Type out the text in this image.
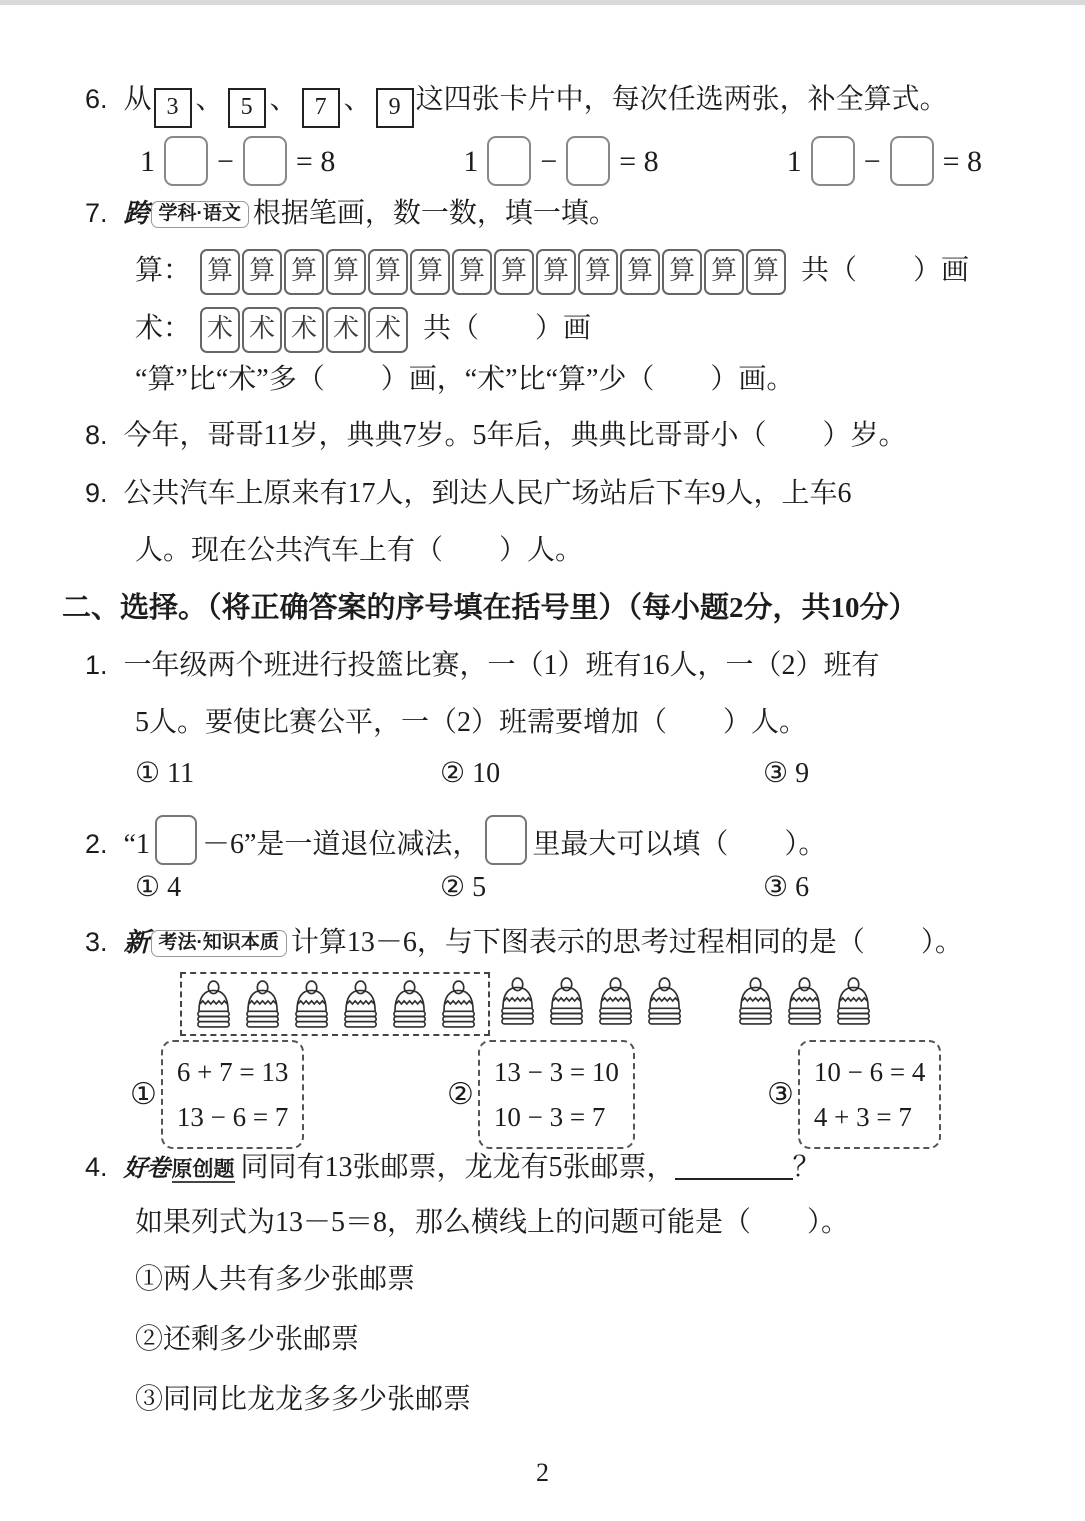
6. 从 3 、 5 、 7 、 9 这四张卡片中，每次任选两张，补全算式。
1 − = 8	1 − = 8	1 − = 8
7. 跨 学科·语文 根据笔画，数一数，填一填。
算： 算 算 算 算 算 算 算 算 算 算 算 算 算 算 共（　　）画
术： 术 术 术 术 术 共（　　）画
“算”比“术”多（　　）画，“术”比“算”少（　　）画。
8. 今年，哥哥11岁，典典7岁。5年后，典典比哥哥小（　　）岁。
9. 公共汽车上原来有17人，到达人民广场站后下车9人，上车6
人。现在公共汽车上有（　　）人。
二、选择。（将正确答案的序号填在括号里）（每小题2分，共10分）
1. 一年级两个班进行投篮比赛，一（1）班有16人，一（2）班有
5人。要使比赛公平，一（2）班需要增加（　　）人。
① 11	② 10	③ 9
2. “1 －6”是一道退位减法， 里最大可以填（　　）。
① 4	② 5	③ 6
3. 新 考法·知识本质 计算13－6，与下图表示的思考过程相同的是（　　）。
①
6 + 7 = 13
13 − 6 = 7
②
13 − 3 = 10
10 − 3 = 7
③
10 − 6 = 4
4 + 3 = 7
4. 好卷原创题 同同有13张邮票，龙龙有5张邮票，	？
如果列式为13－5＝8，那么横线上的问题可能是（　　）。
①两人共有多少张邮票
②还剩多少张邮票
③同同比龙龙多多少张邮票
2
